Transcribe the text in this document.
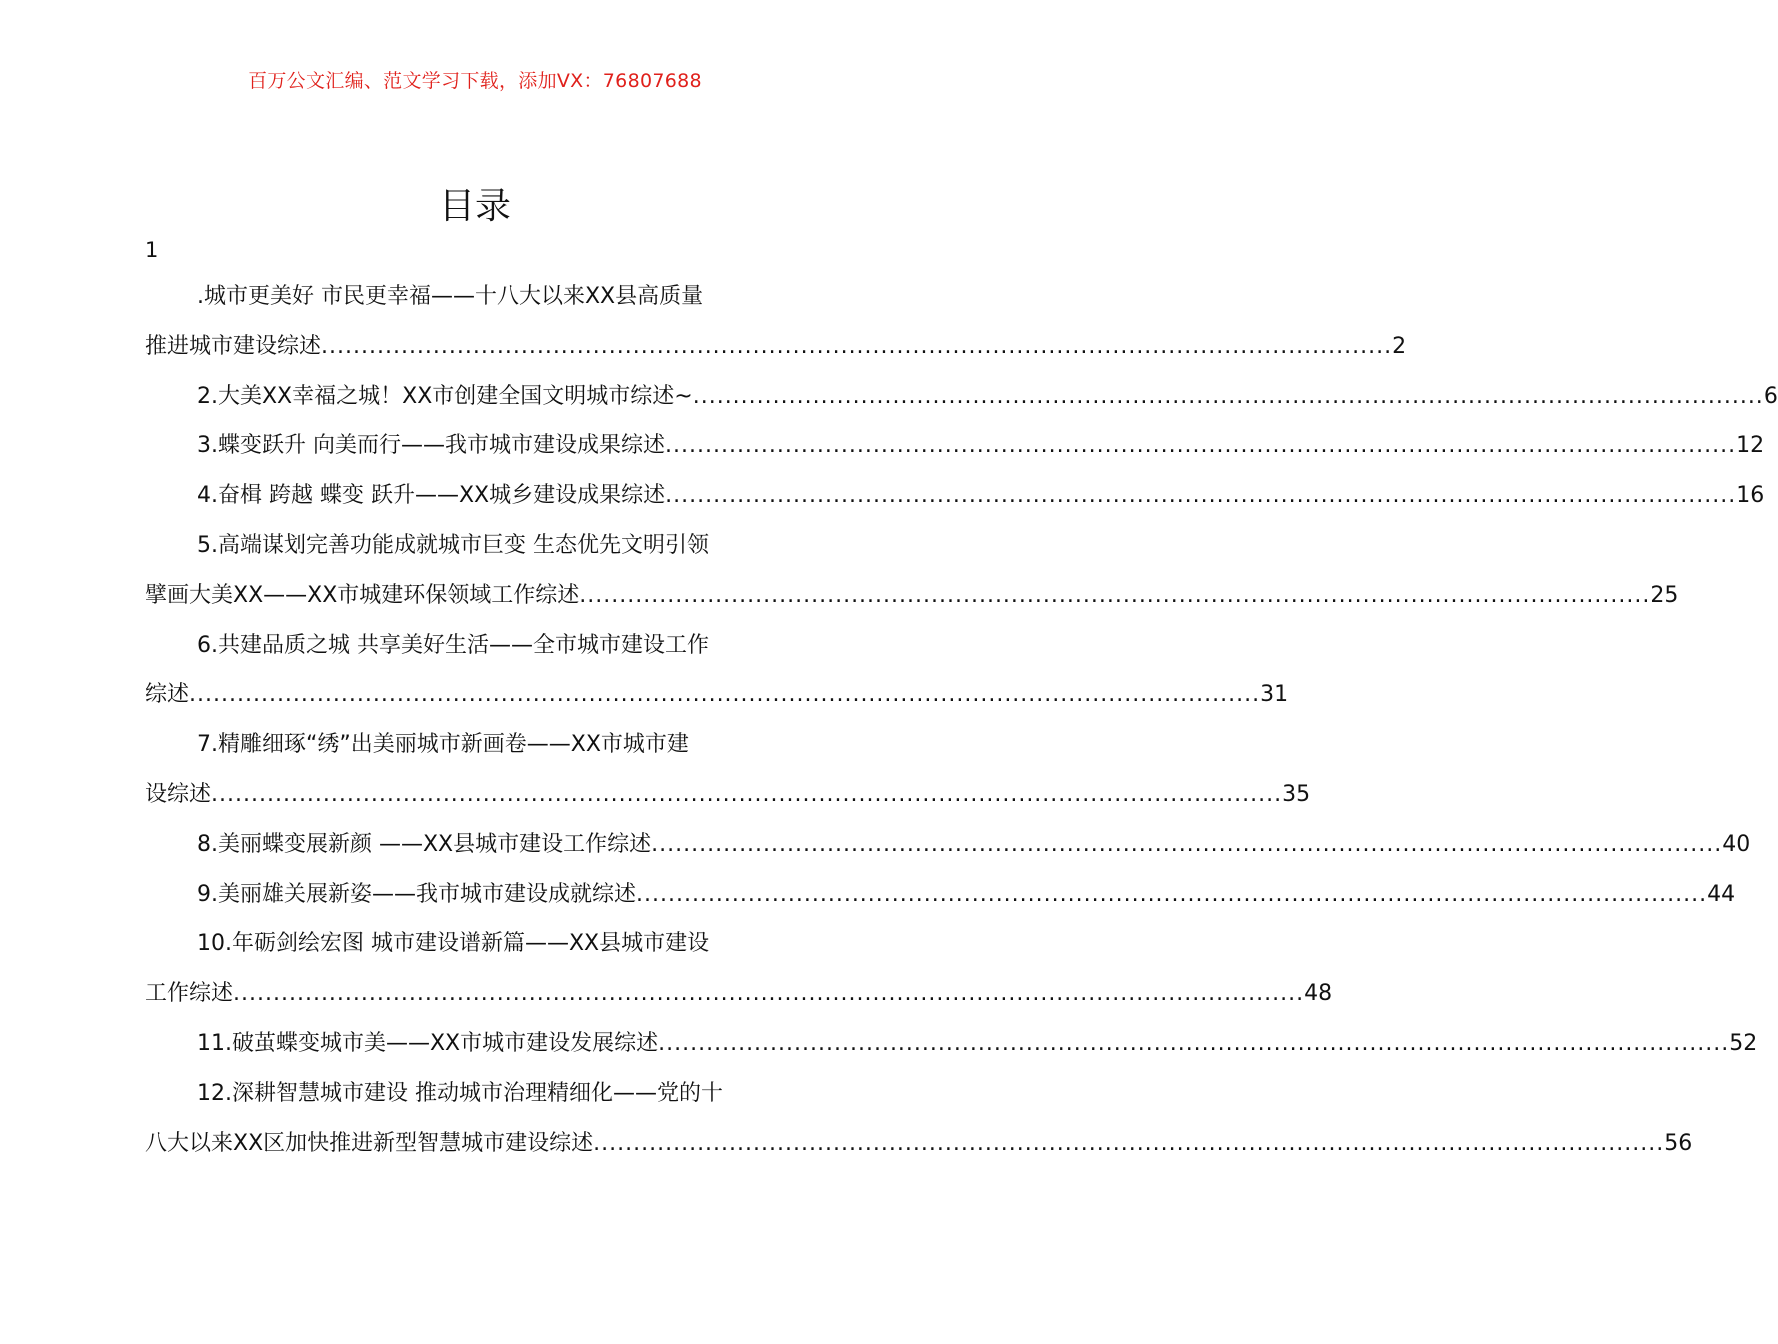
百万公文汇编、范文学习下载，添加VX：76807688
目录
1
.城市更美好 市民更幸福——十八大以来XX县高质量
推进城市建设综述 ...................................................................................................................................... 2
2.大美XX幸福之城！XX市创建全国文明城市综述~ ...................................................................................................................................... 6
3.蝶变跃升 向美而行——我市城市建设成果综述 ...................................................................................................................................... 12
4.奋楫 跨越 蝶变 跃升——XX城乡建设成果综述 ...................................................................................................................................... 16
5.高端谋划完善功能成就城市巨变 生态优先文明引领
擘画大美XX——XX市城建环保领域工作综述 ...................................................................................................................................... 25
6.共建品质之城 共享美好生活——全市城市建设工作
综述 ...................................................................................................................................... 31
7.精雕细琢“绣”出美丽城市新画卷——XX市城市建
设综述 ...................................................................................................................................... 35
8.美丽蝶变展新颜 ——XX县城市建设工作综述 ...................................................................................................................................... 40
9.美丽雄关展新姿——我市城市建设成就综述 ...................................................................................................................................... 44
10.年砺剑绘宏图 城市建设谱新篇——XX县城市建设
工作综述 ...................................................................................................................................... 48
11.破茧蝶变城市美——XX市城市建设发展综述 ...................................................................................................................................... 52
12.深耕智慧城市建设 推动城市治理精细化——党的十
八大以来XX区加快推进新型智慧城市建设综述 ...................................................................................................................................... 56
